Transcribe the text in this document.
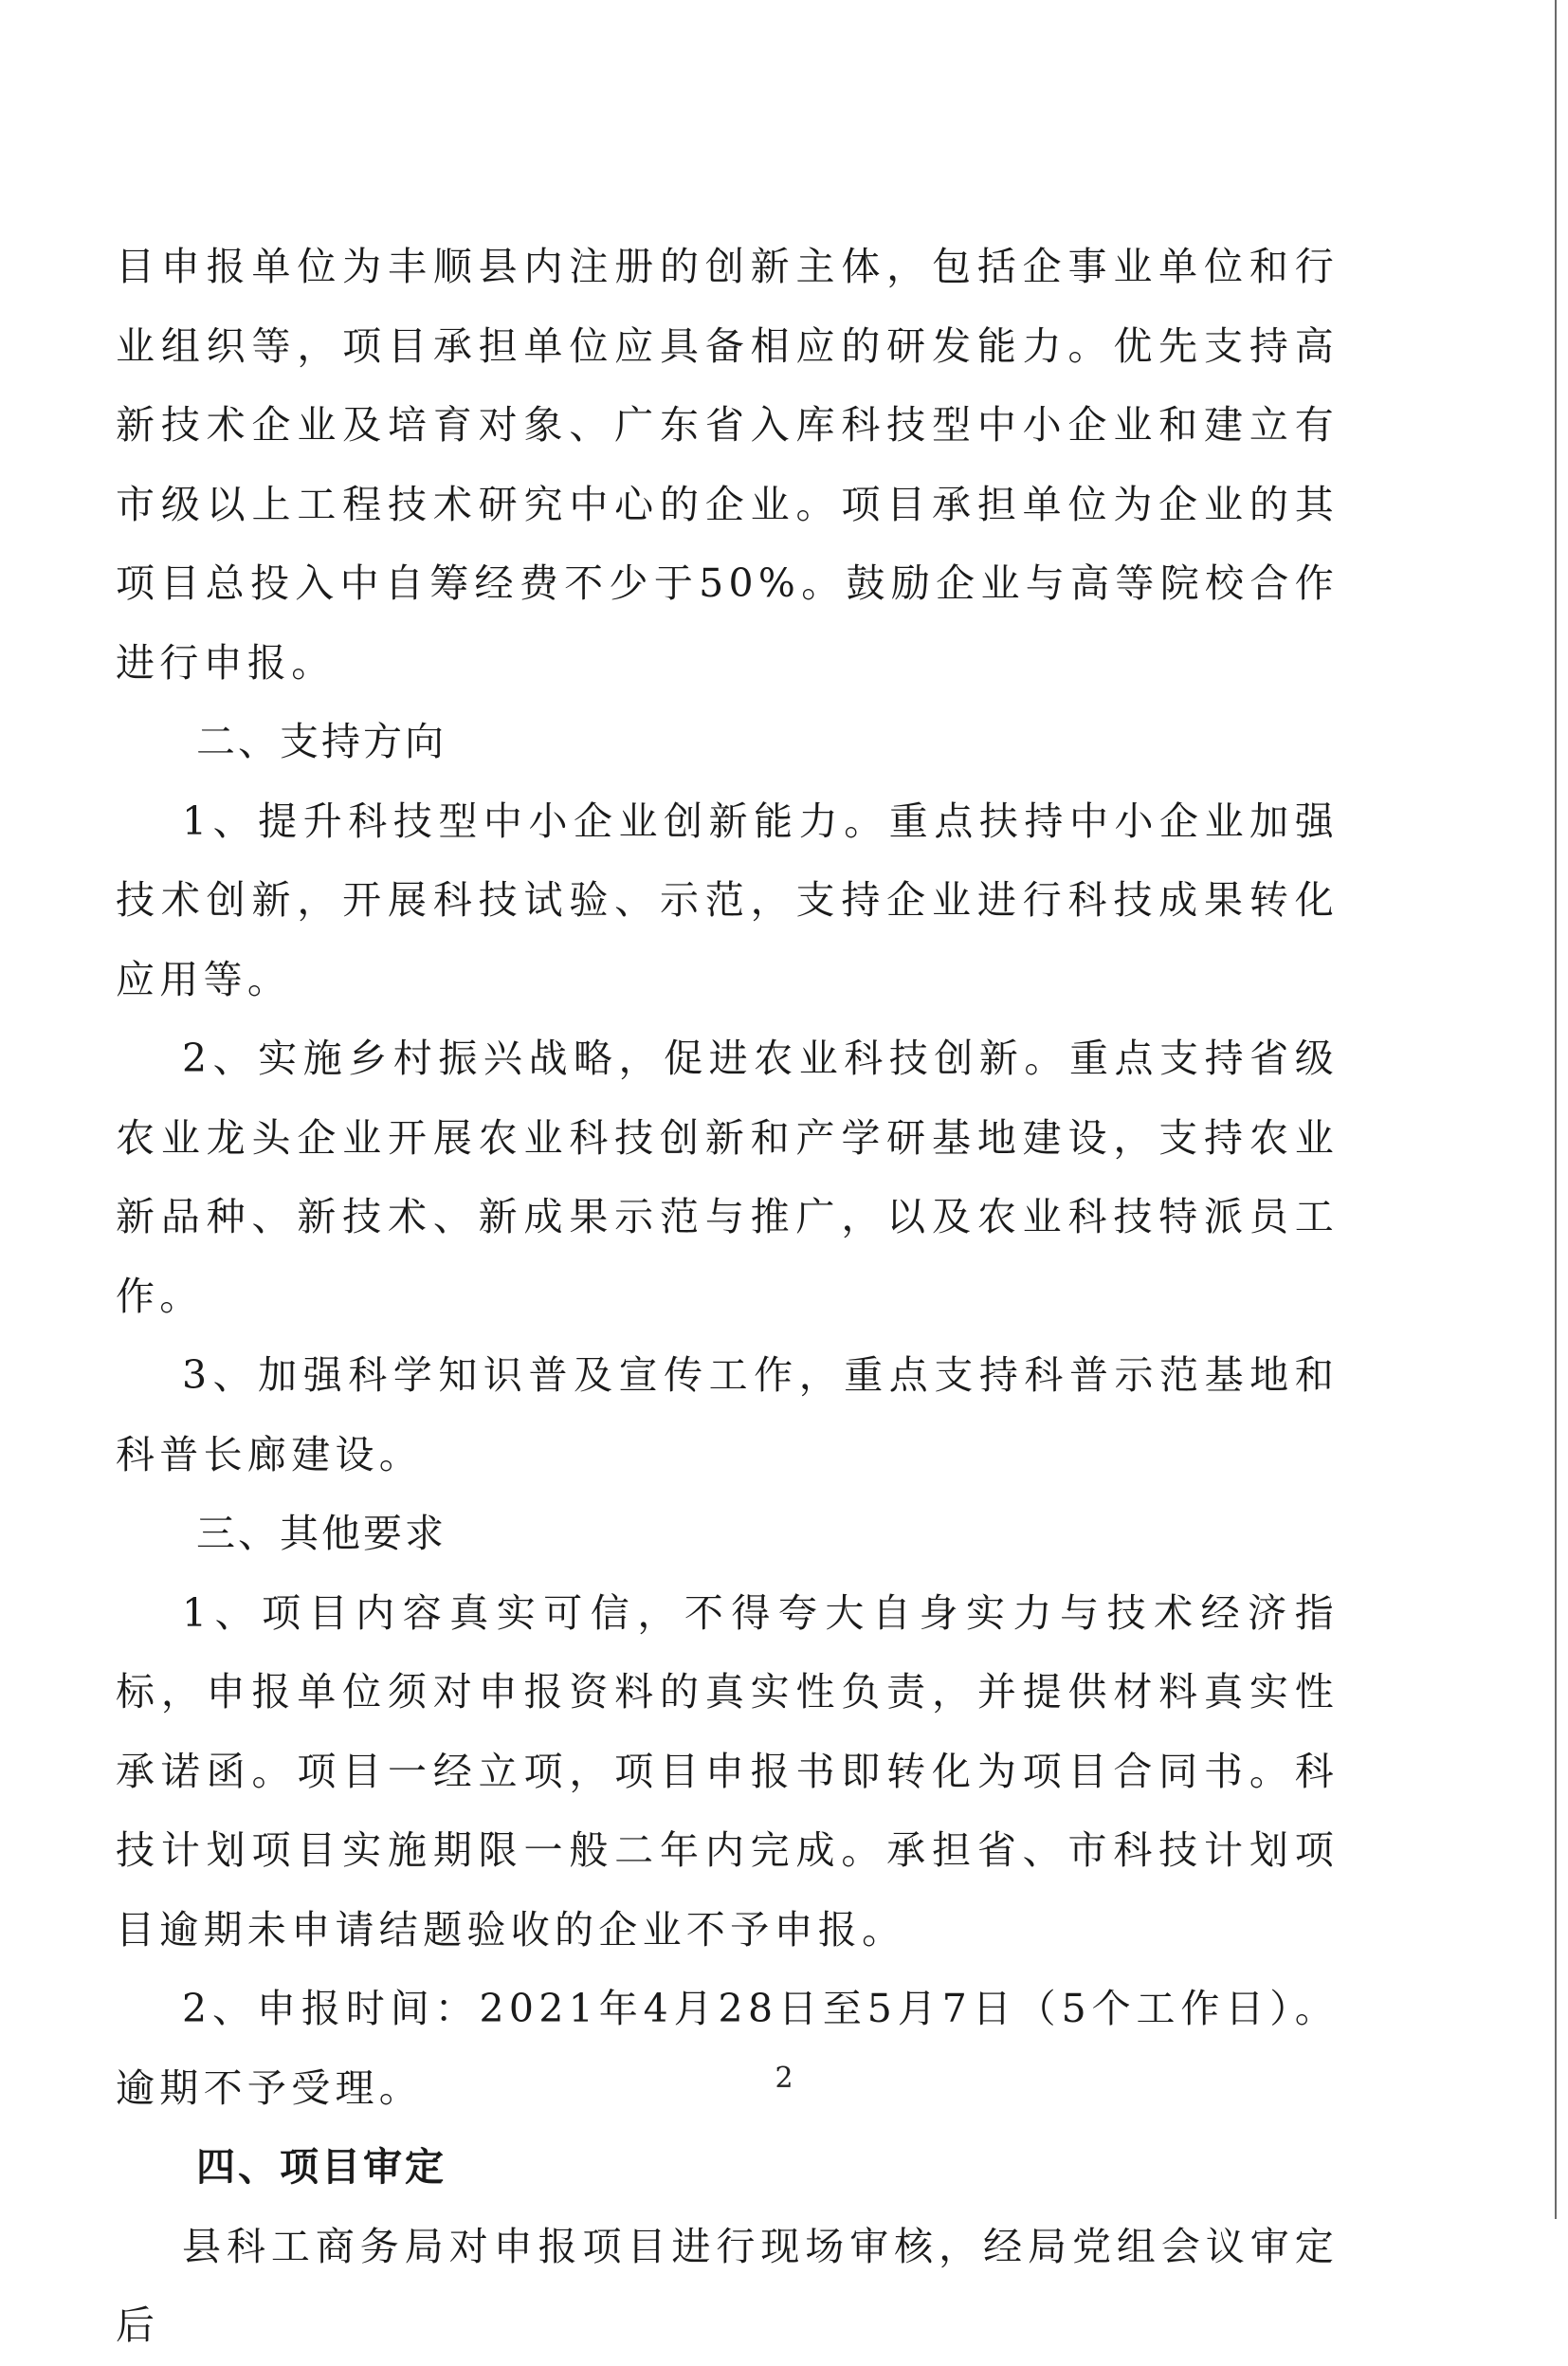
目申报单位为丰顺县内注册的创新主体，包括企事业单位和行业组织等，项目承担单位应具备相应的研发能力。优先支持高新技术企业及培育对象、广东省入库科技型中小企业和建立有市级以上工程技术研究中心的企业。项目承担单位为企业的其项目总投入中自筹经费不少于50%。鼓励企业与高等院校合作进行申报。

二、支持方向

1、提升科技型中小企业创新能力。重点扶持中小企业加强技术创新，开展科技试验、示范，支持企业进行科技成果转化应用等。

2、实施乡村振兴战略，促进农业科技创新。重点支持省级农业龙头企业开展农业科技创新和产学研基地建设，支持农业新品种、新技术、新成果示范与推广，以及农业科技特派员工作。

3、加强科学知识普及宣传工作，重点支持科普示范基地和科普长廊建设。

三、其他要求

1、项目内容真实可信，不得夸大自身实力与技术经济指标，申报单位须对申报资料的真实性负责，并提供材料真实性承诺函。项目一经立项，项目申报书即转化为项目合同书。科技计划项目实施期限一般二年内完成。承担省、市科技计划项目逾期未申请结题验收的企业不予申报。

2、申报时间：2021年4月28日至5月7日（5个工作日）。逾期不予受理。

四、项目审定

县科工商务局对申报项目进行现场审核，经局党组会议审定后

2
